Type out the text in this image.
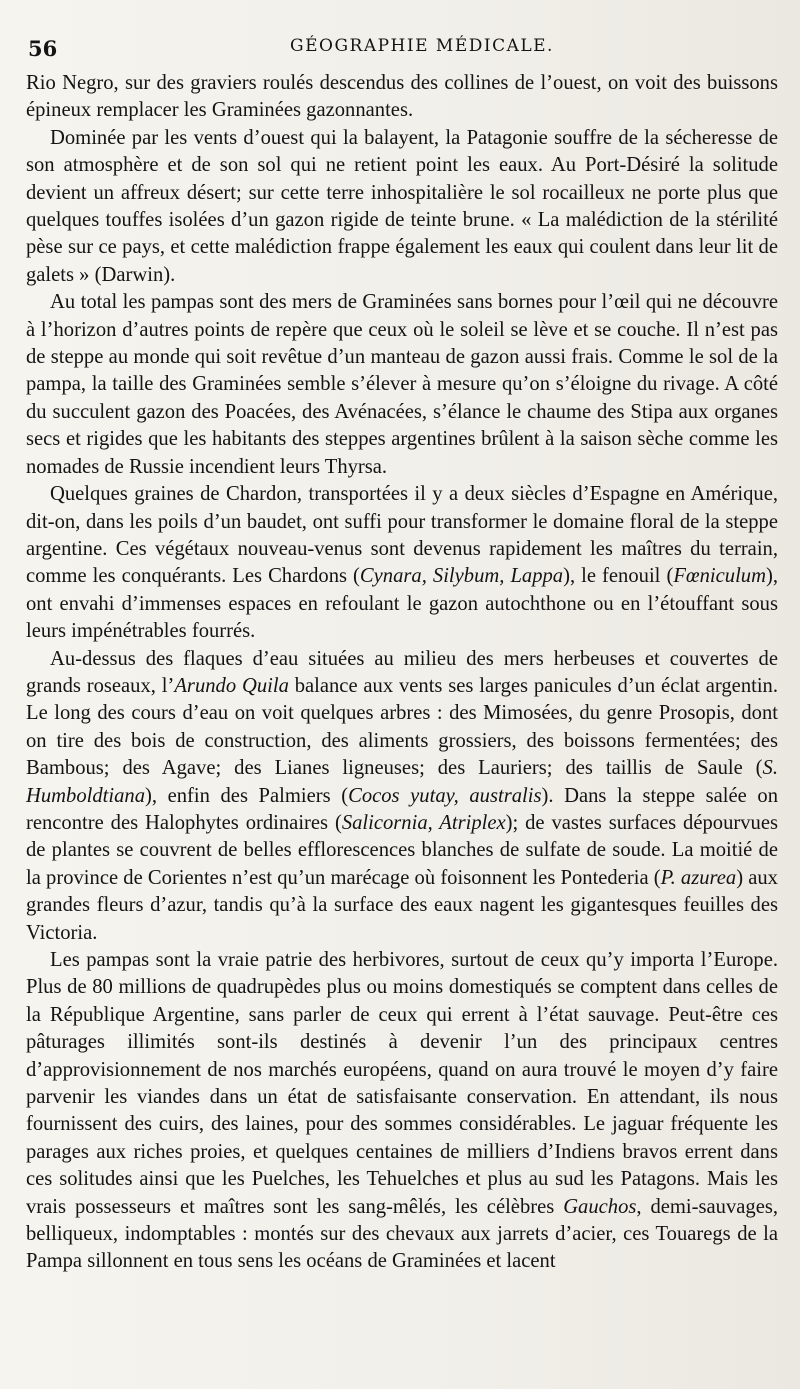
56	GÉOGRAPHIE MÉDICALE.

Rio Negro, sur des graviers roulés descendus des collines de l’ouest, on voit des buissons épineux remplacer les Graminées gazonnantes.

Dominée par les vents d’ouest qui la balayent, la Patagonie souffre de la sécheresse de son atmosphère et de son sol qui ne retient point les eaux. Au Port-Désiré la solitude devient un affreux désert; sur cette terre inhospitalière le sol rocailleux ne porte plus que quelques touffes isolées d’un gazon rigide de teinte brune. « La malédiction de la stérilité pèse sur ce pays, et cette malédiction frappe également les eaux qui coulent dans leur lit de galets » (Darwin).

Au total les pampas sont des mers de Graminées sans bornes pour l’œil qui ne découvre à l’horizon d’autres points de repère que ceux où le soleil se lève et se couche. Il n’est pas de steppe au monde qui soit revêtue d’un manteau de gazon aussi frais. Comme le sol de la pampa, la taille des Graminées semble s’élever à mesure qu’on s’éloigne du rivage. A côté du succulent gazon des Poacées, des Avénacées, s’élance le chaume des Stipa aux organes secs et rigides que les habitants des steppes argentines brûlent à la saison sèche comme les nomades de Russie incendient leurs Thyrsa.

Quelques graines de Chardon, transportées il y a deux siècles d’Espagne en Amérique, dit-on, dans les poils d’un baudet, ont suffi pour transformer le domaine floral de la steppe argentine. Ces végétaux nouveau-venus sont devenus rapidement les maîtres du terrain, comme les conquérants. Les Chardons (Cynara, Silybum, Lappa), le fenouil (Fœniculum), ont envahi d’immenses espaces en refoulant le gazon autochthone ou en l’étouffant sous leurs impénétrables fourrés.

Au-dessus des flaques d’eau situées au milieu des mers herbeuses et couvertes de grands roseaux, l’Arundo Quila balance aux vents ses larges panicules d’un éclat argentin. Le long des cours d’eau on voit quelques arbres : des Mimosées, du genre Prosopis, dont on tire des bois de construction, des aliments grossiers, des boissons fermentées; des Bambous; des Agave; des Lianes ligneuses; des Lauriers; des taillis de Saule (S. Humboldtiana), enfin des Palmiers (Cocos yutay, australis). Dans la steppe salée on rencontre des Halophytes ordinaires (Salicornia, Atriplex); de vastes surfaces dépourvues de plantes se couvrent de belles efflorescences blanches de sulfate de soude. La moitié de la province de Corientes n’est qu’un marécage où foisonnent les Pontederia (P. azurea) aux grandes fleurs d’azur, tandis qu’à la surface des eaux nagent les gigantesques feuilles des Victoria.

Les pampas sont la vraie patrie des herbivores, surtout de ceux qu’y importa l’Europe. Plus de 80 millions de quadrupèdes plus ou moins domestiqués se comptent dans celles de la République Argentine, sans parler de ceux qui errent à l’état sauvage. Peut-être ces pâturages illimités sont-ils destinés à devenir l’un des principaux centres d’approvisionnement de nos marchés européens, quand on aura trouvé le moyen d’y faire parvenir les viandes dans un état de satisfaisante conservation. En attendant, ils nous fournissent des cuirs, des laines, pour des sommes considérables. Le jaguar fréquente les parages aux riches proies, et quelques centaines de milliers d’Indiens bravos errent dans ces solitudes ainsi que les Puelches, les Tehuelches et plus au sud les Patagons. Mais les vrais possesseurs et maîtres sont les sang-mêlés, les célèbres Gauchos, demi-sauvages, belliqueux, indomptables : montés sur des chevaux aux jarrets d’acier, ces Touaregs de la Pampa sillonnent en tous sens les océans de Graminées et lacent
